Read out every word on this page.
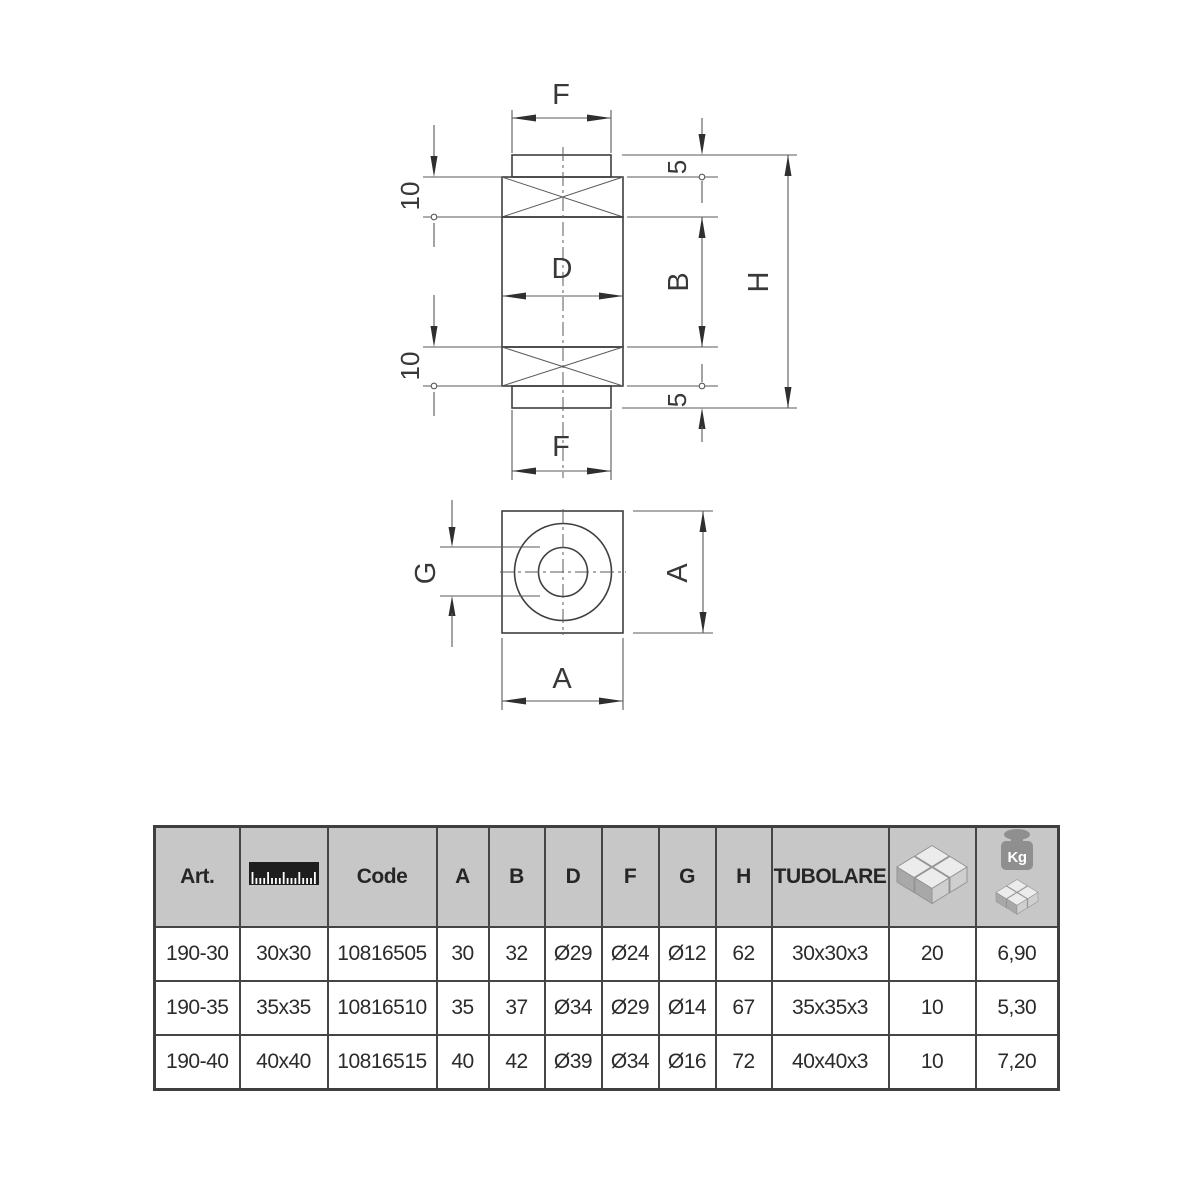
F
10
10
D
5
B
5
H
F
G	A
A
Art.		Code	A	B	D	F	G	H	TUBOLARE		Kg

190-30	30x30	10816505	30	32	Ø29	Ø24	Ø12	62	30x30x3	20	6,90
190-35	35x35	10816510	35	37	Ø34	Ø29	Ø14	67	35x35x3	10	5,30
190-40	40x40	10816515	40	42	Ø39	Ø34	Ø16	72	40x40x3	10	7,20
